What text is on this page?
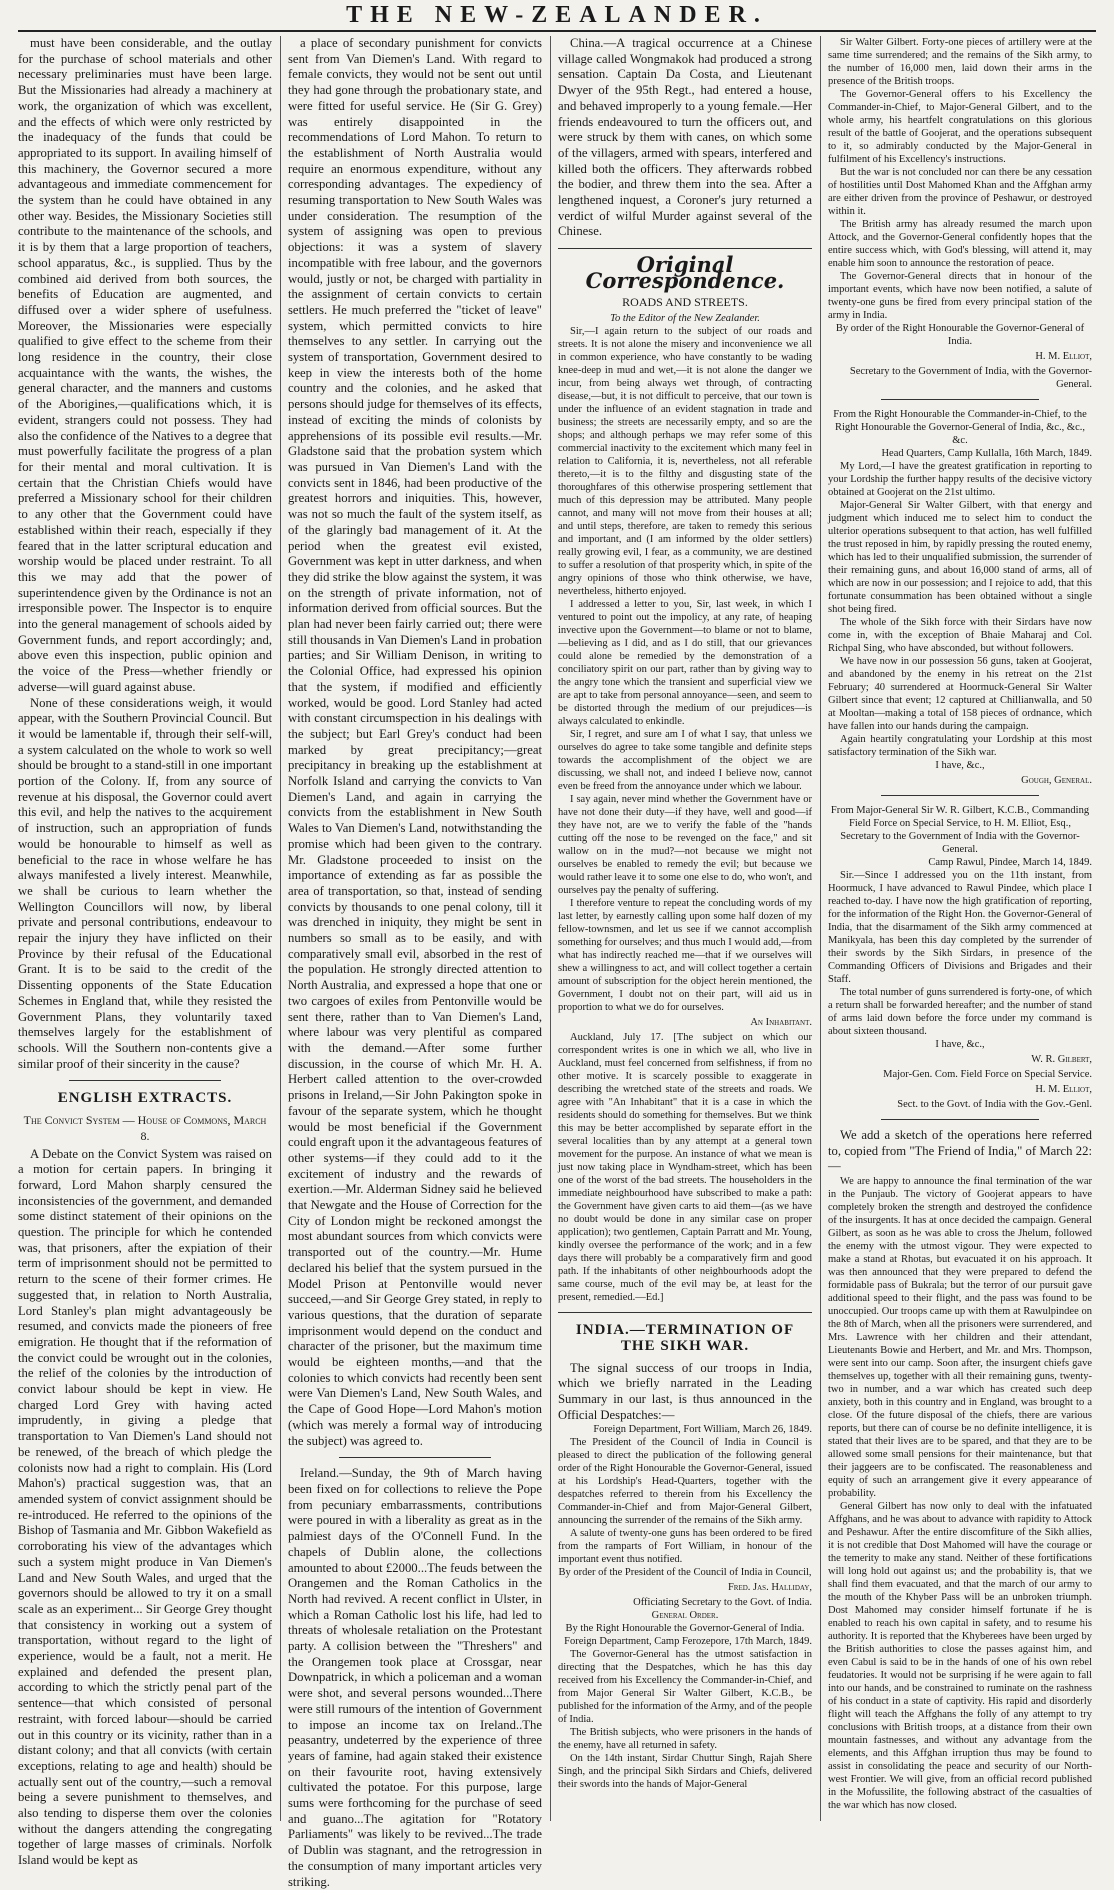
THE NEW-ZEALANDER.

must have been considerable, and the outlay for the purchase of school materials and other necessary preliminaries must have been large. But the Missionaries had already a machinery at work, the organization of which was excellent, and the effects of which were only restricted by the inadequacy of the funds that could be appropriated to its support. In availing himself of this machinery, the Governor secured a more advantageous and immediate commencement for the system than he could have obtained in any other way. Besides, the Missionary Societies still contribute to the maintenance of the schools, and it is by them that a large proportion of teachers, school apparatus, &c., is supplied. Thus by the combined aid derived from both sources, the benefits of Education are augmented, and diffused over a wider sphere of usefulness. Moreover, the Missionaries were especially qualified to give effect to the scheme from their long residence in the country, their close acquaintance with the wants, the wishes, the general character, and the manners and customs of the Aborigines,—qualifications which, it is evident, strangers could not possess. They had also the confidence of the Natives to a degree that must powerfully facilitate the progress of a plan for their mental and moral cultivation. It is certain that the Christian Chiefs would have preferred a Missionary school for their children to any other that the Government could have established within their reach, especially if they feared that in the latter scriptural education and worship would be placed under restraint. To all this we may add that the power of superintendence given by the Ordinance is not an irresponsible power. The Inspector is to enquire into the general management of schools aided by Government funds, and report accordingly; and, above even this inspection, public opinion and the voice of the Press—whether friendly or adverse—will guard against abuse.

None of these considerations weigh, it would appear, with the Southern Provincial Council. But it would be lamentable if, through their self-will, a system calculated on the whole to work so well should be brought to a stand-still in one important portion of the Colony. If, from any source of revenue at his disposal, the Governor could avert this evil, and help the natives to the acquirement of instruction, such an appropriation of funds would be honourable to himself as well as beneficial to the race in whose welfare he has always manifested a lively interest. Meanwhile, we shall be curious to learn whether the Wellington Councillors will now, by liberal private and personal contributions, endeavour to repair the injury they have inflicted on their Province by their refusal of the Educational Grant. It is to be said to the credit of the Dissenting opponents of the State Education Schemes in England that, while they resisted the Government Plans, they voluntarily taxed themselves largely for the establishment of schools. Will the Southern non-contents give a similar proof of their sincerity in the cause?

ENGLISH EXTRACTS.
The Convict System — House of Commons, March 8.

A Debate on the Convict System was raised on a motion for certain papers. In bringing it forward, Lord Mahon sharply censured the inconsistencies of the government, and demanded some distinct statement of their opinions on the question. The principle for which he contended was, that prisoners, after the expiation of their term of imprisonment should not be permitted to return to the scene of their former crimes. He suggested that, in relation to North Australia, Lord Stanley's plan might advantageously be resumed, and convicts made the pioneers of free emigration. He thought that if the reformation of the convict could be wrought out in the colonies, the relief of the colonies by the introduction of convict labour should be kept in view. He charged Lord Grey with having acted imprudently, in giving a pledge that transportation to Van Diemen's Land should not be renewed, of the breach of which pledge the colonists now had a right to complain. His (Lord Mahon's) practical suggestion was, that an amended system of convict assignment should be re-introduced. He referred to the opinions of the Bishop of Tasmania and Mr. Gibbon Wakefield as corroborating his view of the advantages which such a system might produce in Van Diemen's Land and New South Wales, and urged that the governors should be allowed to try it on a small scale as an experiment... Sir George Grey thought that consistency in working out a system of transportation, without regard to the light of experience, would be a fault, not a merit. He explained and defended the present plan, according to which the strictly penal part of the sentence—that which consisted of personal restraint, with forced labour—should be carried out in this country or its vicinity, rather than in a distant colony; and that all convicts (with certain exceptions, relating to age and health) should be actually sent out of the country,—such a removal being a severe punishment to themselves, and also tending to disperse them over the colonies without the dangers attending the congregating together of large masses of criminals. Norfolk Island would be kept as

a place of secondary punishment for convicts sent from Van Diemen's Land. With regard to female convicts, they would not be sent out until they had gone through the probationary state, and were fitted for useful service. He (Sir G. Grey) was entirely disappointed in the recommendations of Lord Mahon. To return to the establishment of North Australia would require an enormous expenditure, without any corresponding advantages. The expediency of resuming transportation to New South Wales was under consideration. The resumption of the system of assigning was open to previous objections: it was a system of slavery incompatible with free labour, and the governors would, justly or not, be charged with partiality in the assignment of certain convicts to certain settlers. He much preferred the "ticket of leave" system, which permitted convicts to hire themselves to any settler. In carrying out the system of transportation, Government desired to keep in view the interests both of the home country and the colonies, and he asked that persons should judge for themselves of its effects, instead of exciting the minds of colonists by apprehensions of its possible evil results.—Mr. Gladstone said that the probation system which was pursued in Van Diemen's Land with the convicts sent in 1846, had been productive of the greatest horrors and iniquities. This, however, was not so much the fault of the system itself, as of the glaringly bad management of it. At the period when the greatest evil existed, Government was kept in utter darkness, and when they did strike the blow against the system, it was on the strength of private information, not of information derived from official sources. But the plan had never been fairly carried out; there were still thousands in Van Diemen's Land in probation parties; and Sir William Denison, in writing to the Colonial Office, had expressed his opinion that the system, if modified and efficiently worked, would be good. Lord Stanley had acted with constant circumspection in his dealings with the subject; but Earl Grey's conduct had been marked by great precipitancy;—great precipitancy in breaking up the establishment at Norfolk Island and carrying the convicts to Van Diemen's Land, and again in carrying the convicts from the establishment in New South Wales to Van Diemen's Land, notwithstanding the promise which had been given to the contrary. Mr. Gladstone proceeded to insist on the importance of extending as far as possible the area of transportation, so that, instead of sending convicts by thousands to one penal colony, till it was drenched in iniquity, they might be sent in numbers so small as to be easily, and with comparatively small evil, absorbed in the rest of the population. He strongly directed attention to North Australia, and expressed a hope that one or two cargoes of exiles from Pentonville would be sent there, rather than to Van Diemen's Land, where labour was very plentiful as compared with the demand.—After some further discussion, in the course of which Mr. H. A. Herbert called attention to the over-crowded prisons in Ireland,—Sir John Pakington spoke in favour of the separate system, which he thought would be most beneficial if the Government could engraft upon it the advantageous features of other systems—if they could add to it the excitement of industry and the rewards of exertion.—Mr. Alderman Sidney said he believed that Newgate and the House of Correction for the City of London might be reckoned amongst the most abundant sources from which convicts were transported out of the country.—Mr. Hume declared his belief that the system pursued in the Model Prison at Pentonville would never succeed,—and Sir George Grey stated, in reply to various questions, that the duration of separate imprisonment would depend on the conduct and character of the prisoner, but the maximum time would be eighteen months,—and that the colonies to which convicts had recently been sent were Van Diemen's Land, New South Wales, and the Cape of Good Hope—Lord Mahon's motion (which was merely a formal way of introducing the subject) was agreed to.

Ireland.—Sunday, the 9th of March having been fixed on for collections to relieve the Pope from pecuniary embarrassments, contributions were poured in with a liberality as great as in the palmiest days of the O'Connell Fund. In the chapels of Dublin alone, the collections amounted to about £2000...The feuds between the Orangemen and the Roman Catholics in the North had revived. A recent conflict in Ulster, in which a Roman Catholic lost his life, had led to threats of wholesale retaliation on the Protestant party. A collision between the "Threshers" and the Orangemen took place at Crossgar, near Downpatrick, in which a policeman and a woman were shot, and several persons wounded...There were still rumours of the intention of Government to impose an income tax on Ireland..The peasantry, undeterred by the experience of three years of famine, had again staked their existence on their favourite root, having extensively cultivated the potatoe. For this purpose, large sums were forthcoming for the purchase of seed and guano...The agitation for "Rotatory Parliaments" was likely to be revived...The trade of Dublin was stagnant, and the retrogression in the consumption of many important articles very striking.

China.—A tragical occurrence at a Chinese village called Wongmakok had produced a strong sensation. Captain Da Costa, and Lieutenant Dwyer of the 95th Regt., had entered a house, and behaved improperly to a young female.—Her friends endeavoured to turn the officers out, and were struck by them with canes, on which some of the villagers, armed with spears, interfered and killed both the officers. They afterwards robbed the bodier, and threw them into the sea. After a lengthened inquest, a Coroner's jury returned a verdict of wilful Murder against several of the Chinese.

Original Correspondence.
ROADS AND STREETS.
To the Editor of the New Zealander.

Sir,—I again return to the subject of our roads and streets. It is not alone the misery and inconvenience we all in common experience, who have constantly to be wading knee-deep in mud and wet,—it is not alone the danger we incur, from being always wet through, of contracting disease,—but, it is not difficult to perceive, that our town is under the influence of an evident stagnation in trade and business; the streets are necessarily empty, and so are the shops; and although perhaps we may refer some of this commercial inactivity to the excitement which many feel in relation to California, it is, nevertheless, not all referable thereto,—it is to the filthy and disgusting state of the thoroughfares of this otherwise prospering settlement that much of this depression may be attributed. Many people cannot, and many will not move from their houses at all; and until steps, therefore, are taken to remedy this serious and important, and (I am informed by the older settlers) really growing evil, I fear, as a community, we are destined to suffer a resolution of that prosperity which, in spite of the angry opinions of those who think otherwise, we have, nevertheless, hitherto enjoyed.

I addressed a letter to you, Sir, last week, in which I ventured to point out the impolicy, at any rate, of heaping invective upon the Government—to blame or not to blame,—believing as I did, and as I do still, that our grievances could alone be remedied by the demonstration of a conciliatory spirit on our part, rather than by giving way to the angry tone which the transient and superficial view we are apt to take from personal annoyance—seen, and seem to be distorted through the medium of our prejudices—is always calculated to enkindle.

Sir, I regret, and sure am I of what I say, that unless we ourselves do agree to take some tangible and definite steps towards the accomplishment of the object we are discussing, we shall not, and indeed I believe now, cannot even be freed from the annoyance under which we labour.

I say again, never mind whether the Government have or have not done their duty—if they have, well and good—if they have not, are we to verify the fable of the "hands cutting off the nose to be revenged on the face," and sit wallow on in the mud?—not because we might not ourselves be enabled to remedy the evil; but because we would rather leave it to some one else to do, who won't, and ourselves pay the penalty of suffering.

I therefore venture to repeat the concluding words of my last letter, by earnestly calling upon some half dozen of my fellow-townsmen, and let us see if we cannot accomplish something for ourselves; and thus much I would add,—from what has indirectly reached me—that if we ourselves will shew a willingness to act, and will collect together a certain amount of subscription for the object herein mentioned, the Government, I doubt not on their part, will aid us in proportion to what we do for ourselves.

An Inhabitant.

Auckland, July 17. [The subject on which our correspondent writes is one in which we all, who live in Auckland, must feel concerned from selfishness, if from no other motive. It is scarcely possible to exaggerate in describing the wretched state of the streets and roads. We agree with "An Inhabitant" that it is a case in which the residents should do something for themselves. But we think this may be better accomplished by separate effort in the several localities than by any attempt at a general town movement for the purpose. An instance of what we mean is just now taking place in Wyndham-street, which has been one of the worst of the bad streets. The householders in the immediate neighbourhood have subscribed to make a path: the Government have given carts to aid them—(as we have no doubt would be done in any similar case on proper application); two gentlemen, Captain Parratt and Mr. Young, kindly oversee the performance of the work; and in a few days there will probably be a comparatively firm and good path. If the inhabitants of other neighbourhoods adopt the same course, much of the evil may be, at least for the present, remedied.—Ed.]

INDIA.—TERMINATION OF THE SIKH WAR.

The signal success of our troops in India, which we briefly narrated in the Leading Summary in our last, is thus announced in the Official Despatches:—

Foreign Department, Fort William, March 26, 1849.

The President of the Council of India in Council is pleased to direct the publication of the following general order of the Right Honourable the Governor-General, issued at his Lordship's Head-Quarters, together with the despatches referred to therein from his Excellency the Commander-in-Chief and from Major-General Gilbert, announcing the surrender of the remains of the Sikh army.

A salute of twenty-one guns has been ordered to be fired from the ramparts of Fort William, in honour of the important event thus notified.

By order of the President of the Council of India in Council,
Fred. Jas. Halliday,
Officiating Secretary to the Govt. of India.
General Order.
By the Right Honourable the Governor-General of India.
Foreign Department, Camp Ferozepore, 17th March, 1849.

The Governor-General has the utmost satisfaction in directing that the Despatches, which he has this day received from his Excellency the Commander-in-Chief, and from Major General Sir Walter Gilbert, K.C.B., be published for the information of the Army, and of the people of India.

The British subjects, who were prisoners in the hands of the enemy, have all returned in safety.

On the 14th instant, Sirdar Chuttur Singh, Rajah Shere Singh, and the principal Sikh Sirdars and Chiefs, delivered their swords into the hands of Major-General

Sir Walter Gilbert. Forty-one pieces of artillery were at the same time surrendered; and the remains of the Sikh army, to the number of 16,000 men, laid down their arms in the presence of the British troops.

The Governor-General offers to his Excellency the Commander-in-Chief, to Major-General Gilbert, and to the whole army, his heartfelt congratulations on this glorious result of the battle of Goojerat, and the operations subsequent to it, so admirably conducted by the Major-General in fulfilment of his Excellency's instructions.

But the war is not concluded nor can there be any cessation of hostilities until Dost Mahomed Khan and the Affghan army are either driven from the province of Peshawur, or destroyed within it.

The British army has already resumed the march upon Attock, and the Governor-General confidently hopes that the entire success which, with God's blessing, will attend it, may enable him soon to announce the restoration of peace.

The Governor-General directs that in honour of the important events, which have now been notified, a salute of twenty-one guns be fired from every principal station of the army in India.

By order of the Right Honourable the Governor-General of India.
H. M. Elliot,
Secretary to the Government of India, with the Governor-General.
From the Right Honourable the Commander-in-Chief, to the Right Honourable the Governor-General of India, &c., &c., &c.
Head Quarters, Camp Kullalla, 16th March, 1849.

My Lord,—I have the greatest gratification in reporting to your Lordship the further happy results of the decisive victory obtained at Goojerat on the 21st ultimo.

Major-General Sir Walter Gilbert, with that energy and judgment which induced me to select him to conduct the ulterior operations subsequent to that action, has well fulfilled the trust reposed in him, by rapidly pressing the routed enemy, which has led to their unqualified submission, the surrender of their remaining guns, and about 16,000 stand of arms, all of which are now in our possession; and I rejoice to add, that this fortunate consummation has been obtained without a single shot being fired.

The whole of the Sikh force with their Sirdars have now come in, with the exception of Bhaie Maharaj and Col. Richpal Sing, who have absconded, but without followers.

We have now in our possession 56 guns, taken at Goojerat, and abandoned by the enemy in his retreat on the 21st February; 40 surrendered at Hoormuck-General Sir Walter Gilbert since that event; 12 captured at Chillianwalla, and 50 at Mooltan—making a total of 158 pieces of ordnance, which have fallen into our hands during the campaign.

Again heartily congratulating your Lordship at this most satisfactory termination of the Sikh war.

I have, &c.,
Gough, General.
From Major-General Sir W. R. Gilbert, K.C.B., Commanding Field Force on Special Service, to H. M. Elliot, Esq., Secretary to the Government of India with the Governor-General.
Camp Rawul, Pindee, March 14, 1849.

Sir.—Since I addressed you on the 11th instant, from Hoormuck, I have advanced to Rawul Pindee, which place I reached to-day. I have now the high gratification of reporting, for the information of the Right Hon. the Governor-General of India, that the disarmament of the Sikh army commenced at Manikyala, has been this day completed by the surrender of their swords by the Sikh Sirdars, in presence of the Commanding Officers of Divisions and Brigades and their Staff.

The total number of guns surrendered is forty-one, of which a return shall be forwarded hereafter; and the number of stand of arms laid down before the force under my command is about sixteen thousand.

I have, &c.,
W. R. Gilbert,
Major-Gen. Com. Field Force on Special Service.
H. M. Elliot,
Sect. to the Govt. of India with the Gov.-Genl.

We add a sketch of the operations here referred to, copied from "The Friend of India," of March 22:—

We are happy to announce the final termination of the war in the Punjaub. The victory of Goojerat appears to have completely broken the strength and destroyed the confidence of the insurgents. It has at once decided the campaign. General Gilbert, as soon as he was able to cross the Jhelum, followed the enemy with the utmost vigour. They were expected to make a stand at Rhotas, but evacuated it on his approach. It was then announced that they were prepared to defend the formidable pass of Bukrala; but the terror of our pursuit gave additional speed to their flight, and the pass was found to be unoccupied. Our troops came up with them at Rawulpindee on the 8th of March, when all the prisoners were surrendered, and Mrs. Lawrence with her children and their attendant, Lieutenants Bowie and Herbert, and Mr. and Mrs. Thompson, were sent into our camp. Soon after, the insurgent chiefs gave themselves up, together with all their remaining guns, twenty-two in number, and a war which has created such deep anxiety, both in this country and in England, was brought to a close. Of the future disposal of the chiefs, there are various reports, but there can of course be no definite intelligence, it is stated that their lives are to be spared, and that they are to be allowed some small pensions for their maintenance, but that their jaggeers are to be confiscated. The reasonableness and equity of such an arrangement give it every appearance of probability.

General Gilbert has now only to deal with the infatuated Affghans, and he was about to advance with rapidity to Attock and Peshawur. After the entire discomfiture of the Sikh allies, it is not credible that Dost Mahomed will have the courage or the temerity to make any stand. Neither of these fortifications will long hold out against us; and the probability is, that we shall find them evacuated, and that the march of our army to the mouth of the Khyber Pass will be an unbroken triumph. Dost Mahomed may consider himself fortunate if he is enabled to reach his own capital in safety, and to resume his authority. It is reported that the Khyberees have been urged by the British authorities to close the passes against him, and even Cabul is said to be in the hands of one of his own rebel feudatories. It would not be surprising if he were again to fall into our hands, and be constrained to ruminate on the rashness of his conduct in a state of captivity. His rapid and disorderly flight will teach the Affghans the folly of any attempt to try conclusions with British troops, at a distance from their own mountain fastnesses, and without any advantage from the elements, and this Affghan irruption thus may be found to assist in consolidating the peace and security of our North-west Frontier. We will give, from an official record published in the Mofussilite, the following abstract of the casualties of the war which has now closed.
